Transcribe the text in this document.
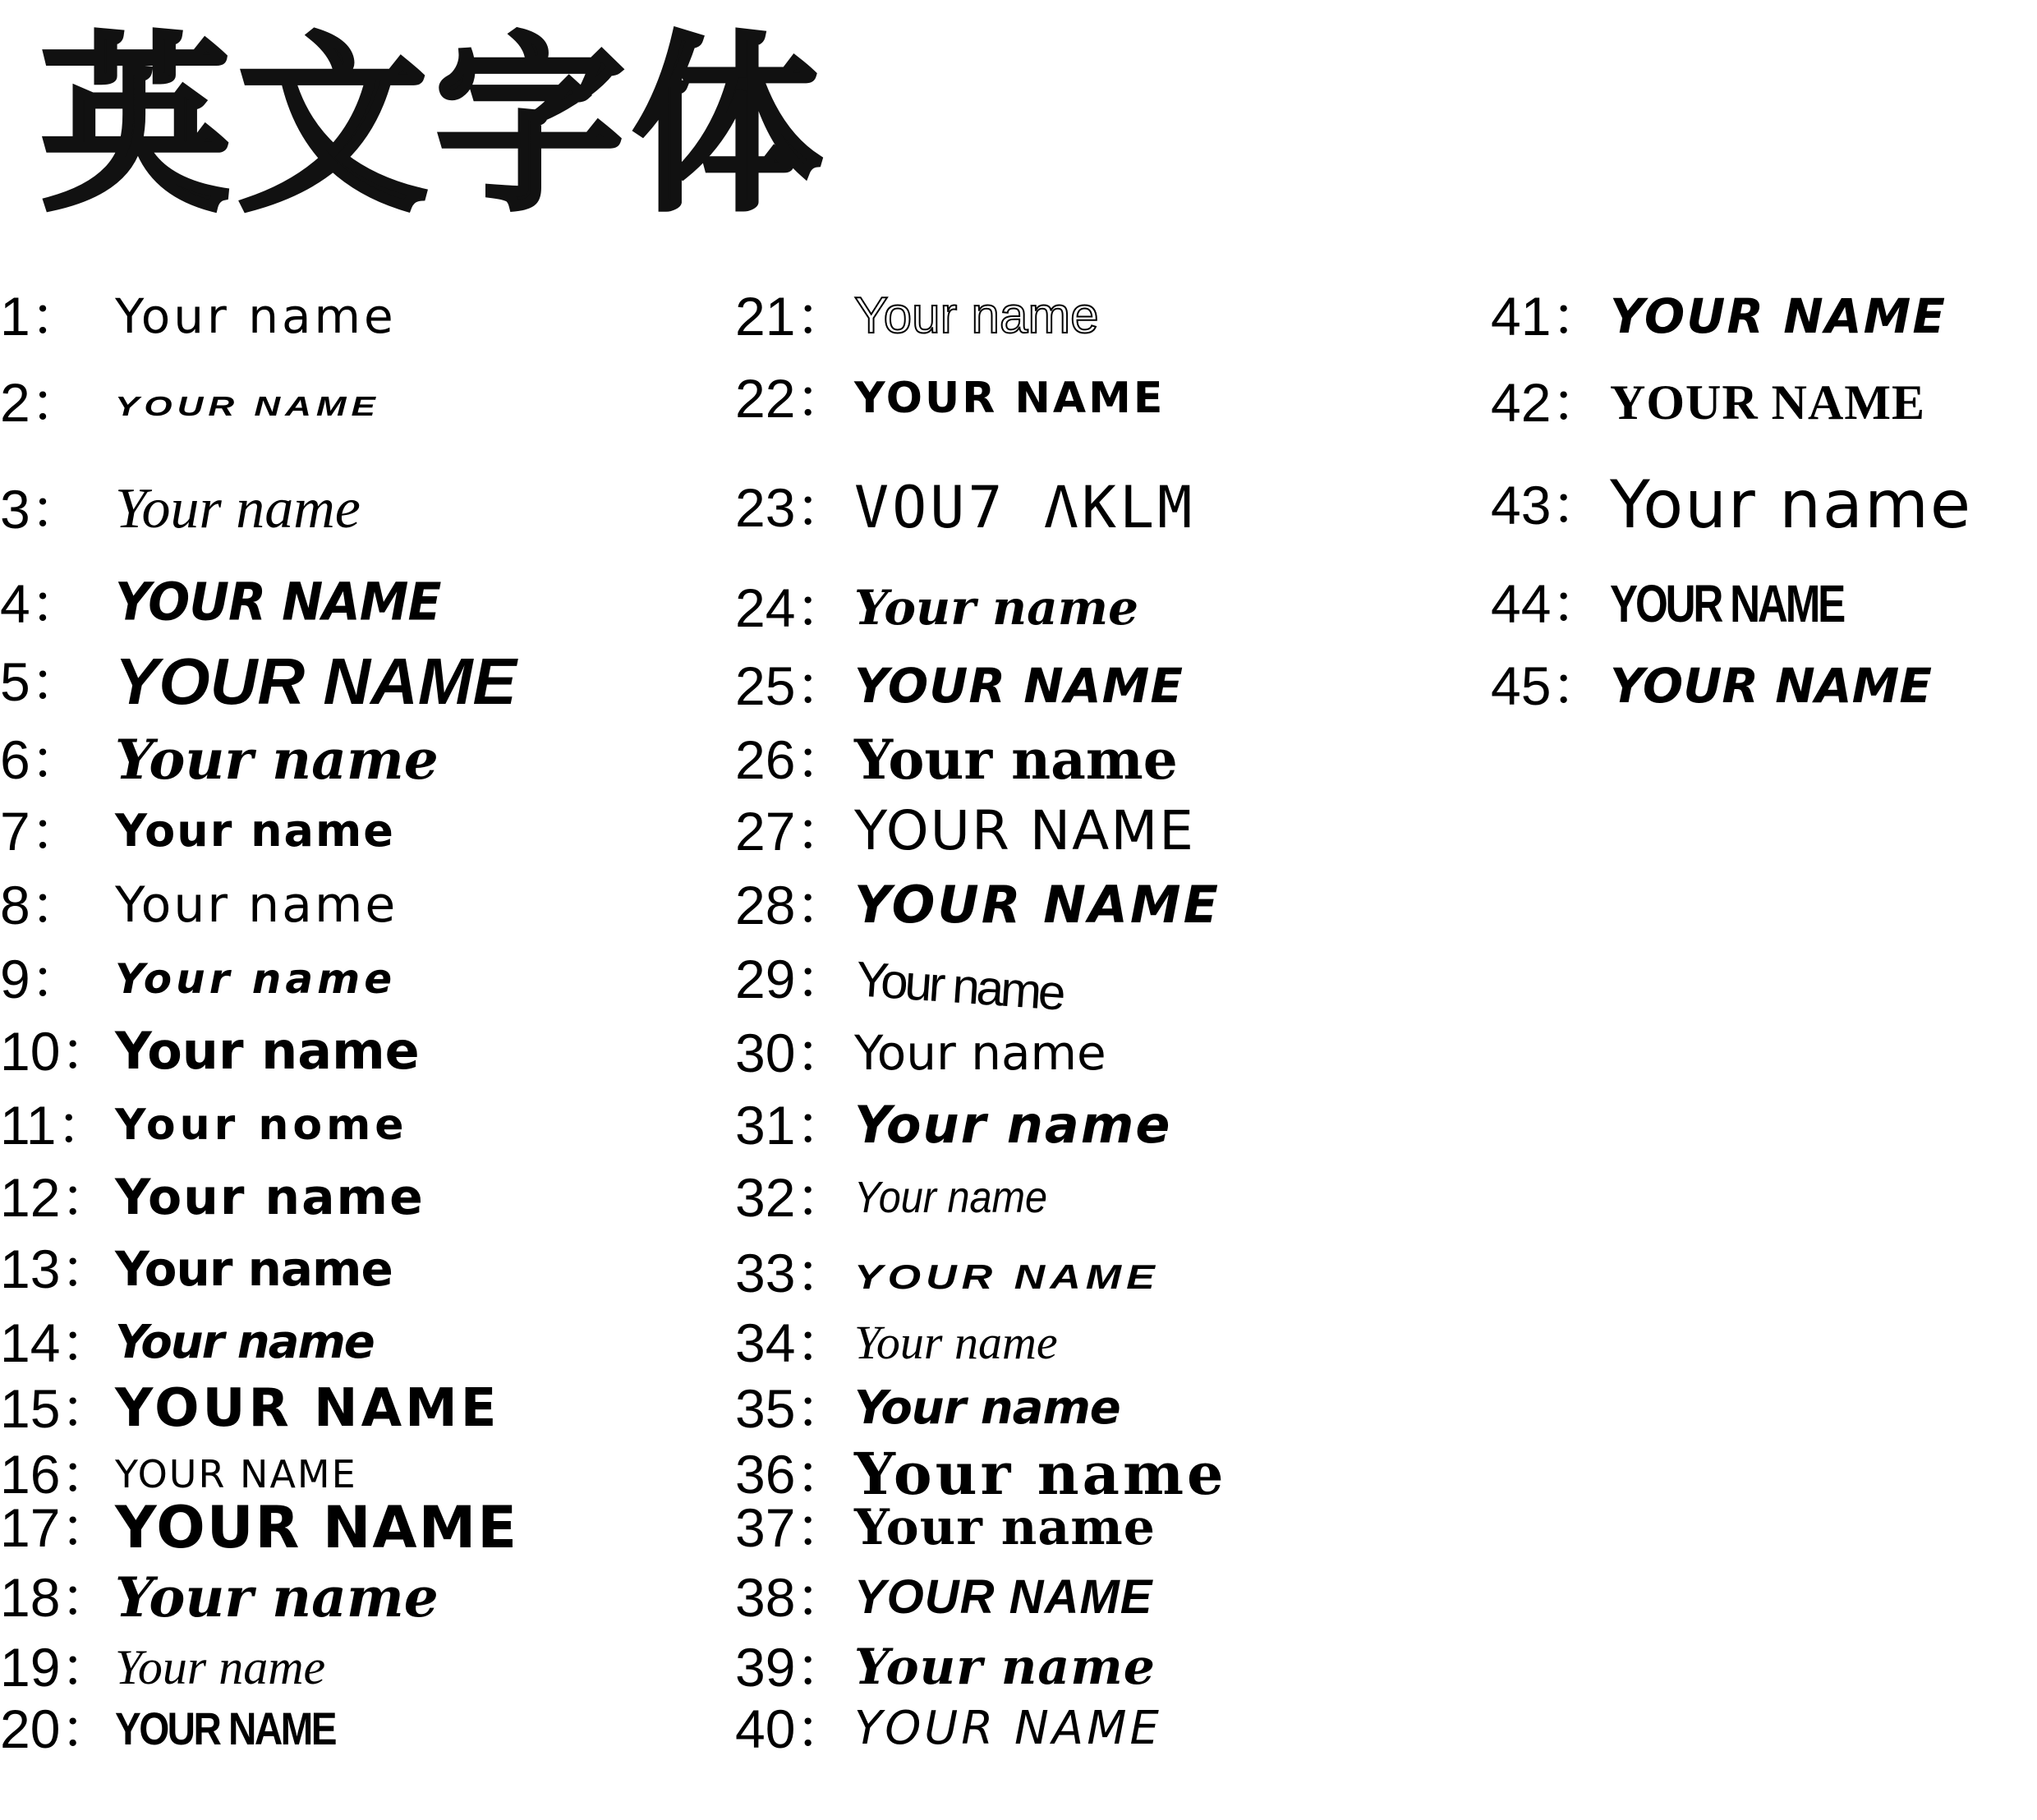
英文字体
1： Your name
2： YOUR NAME
3： Your name
4： YOUR NAME
5： YOUR NAME
6： Your name
7： Your name
8： Your name
9： Your name
10： Your name
11： Your nome
12： Your name
13： Your name
14： Your name
15： YOUR NAME
16： YOUR NAME
17： YOUR NAME
18： Your name
19： Your name
20： YOUR NAME
21： Your name
22： YOUR NAME
23： VOU7 ΛKLM
24： Your name
25： YOUR NAME
26： Your name
27： YOUR NAME
28： YOUR NAME
29： Your name
30： Your name
31： Your name
32： Your name
33： YOUR NAME
34： Your name
35： Your name
36： Your name
37： Your name
38： YOUR NAME
39： Your name
40： YOUR NAME
41： YOUR NAME
42： YOUR NAME
43： Your name
44： YOUR NAME
45： YOUR NAME
